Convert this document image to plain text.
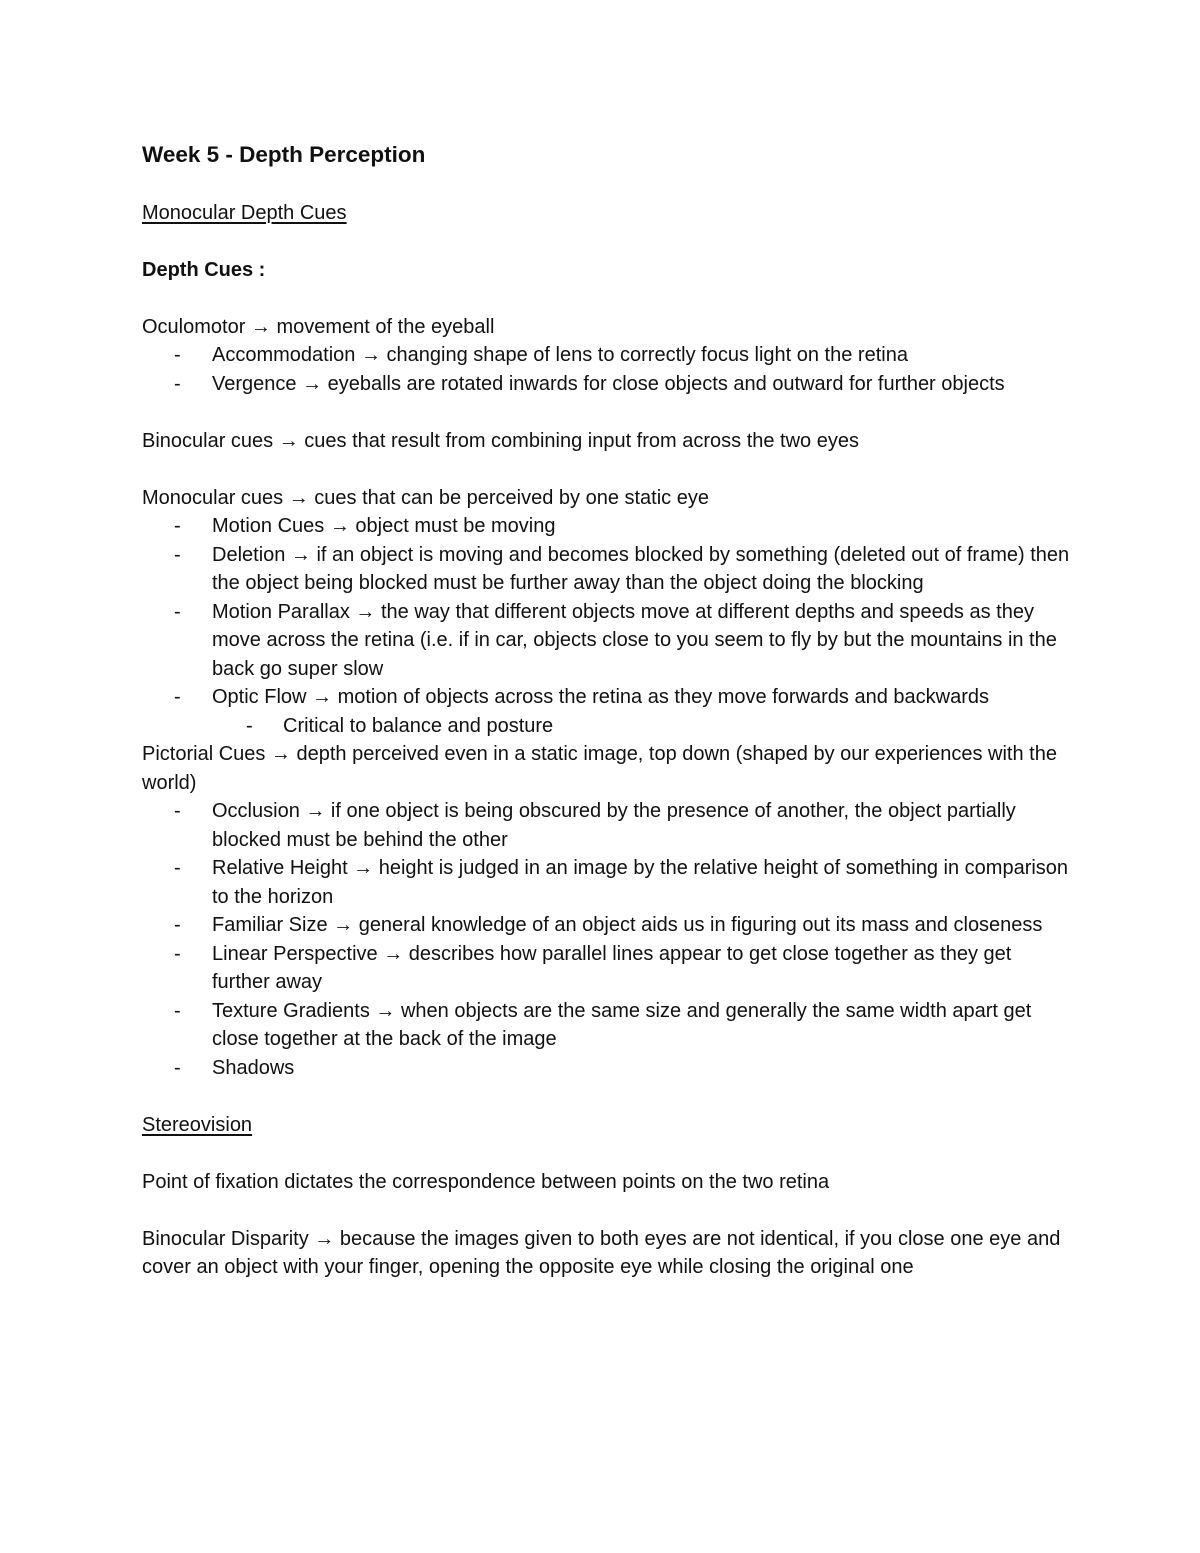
Week 5 - Depth Perception

Monocular Depth Cues

Depth Cues :

Oculomotor → movement of the eyeball

- Accommodation → changing shape of lens to correctly focus light on the retina

- Vergence → eyeballs are rotated inwards for close objects and outward for further objects

Binocular cues → cues that result from combining input from across the two eyes

Monocular cues → cues that can be perceived by one static eye

- Motion Cues → object must be moving

- Deletion → if an object is moving and becomes blocked by something (deleted out of frame) then the object being blocked must be further away than the object doing the blocking

- Motion Parallax → the way that different objects move at different depths and speeds as they move across the retina (i.e. if in car, objects close to you seem to fly by but the mountains in the back go super slow

- Optic Flow → motion of objects across the retina as they move forwards and backwards

- Critical to balance and posture

Pictorial Cues → depth perceived even in a static image, top down (shaped by our experiences with the world)

- Occlusion → if one object is being obscured by the presence of another, the object partially blocked must be behind the other

- Relative Height → height is judged in an image by the relative height of something in comparison to the horizon

- Familiar Size → general knowledge of an object aids us in figuring out its mass and closeness

- Linear Perspective → describes how parallel lines appear to get close together as they get further away

- Texture Gradients → when objects are the same size and generally the same width apart get close together at the back of the image

- Shadows

Stereovision

Point of fixation dictates the correspondence between points on the two retina

Binocular Disparity → because the images given to both eyes are not identical, if you close one eye and cover an object with your finger, opening the opposite eye while closing the original one
